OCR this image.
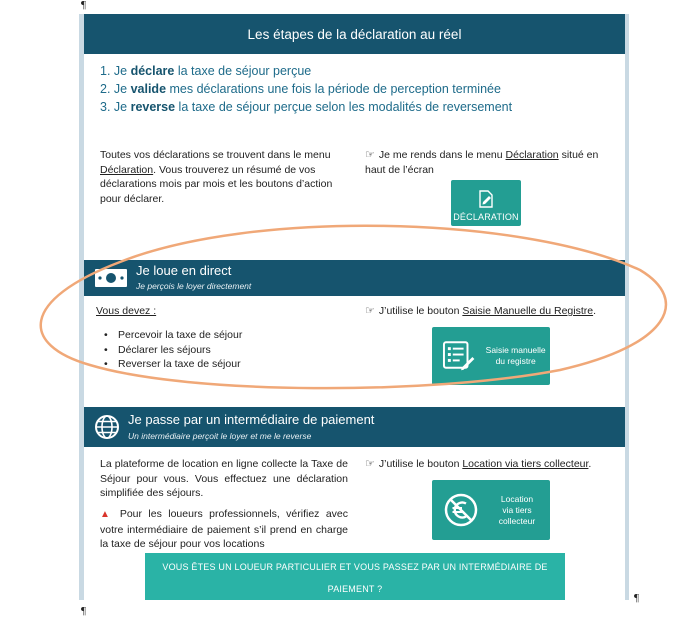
¶
Les étapes de la déclaration au réel
1. Je déclare la taxe de séjour perçue
2. Je valide mes déclarations une fois la période de perception terminée
3. Je reverse la taxe de séjour perçue selon les modalités de reversement
Toutes vos déclarations se trouvent dans le menu
Déclaration. Vous trouverez un résumé de vos déclarations mois par mois et les boutons d’action pour déclarer.
☞ Je me rends dans le menu Déclaration situé en haut de l’écran
DÉCLARATION
Je loue en direct
Je perçois le loyer directement
Vous devez :
• Percevoir la taxe de séjour
• Déclarer les séjours
• Reverser la taxe de séjour
☞ J’utilise le bouton Saisie Manuelle du Registre.
Saisie manuelle
du registre
Je passe par un intermédiaire de paiement
Un intermédiaire perçoit le loyer et me le reverse
La plateforme de location en ligne collecte la Taxe de Séjour pour vous. Vous effectuez une déclaration simplifiée des séjours.
▲ Pour les loueurs professionnels, vérifiez avec votre intermédiaire de paiement s’il prend en charge la taxe de séjour pour vos locations
☞ J’utilise le bouton Location via tiers collecteur.
Location
via tiers
collecteur
VOUS ÊTES UN LOUEUR PARTICULIER ET VOUS PASSEZ PAR UN INTERMÉDIAIRE DE
PAIEMENT ?
¶
¶
